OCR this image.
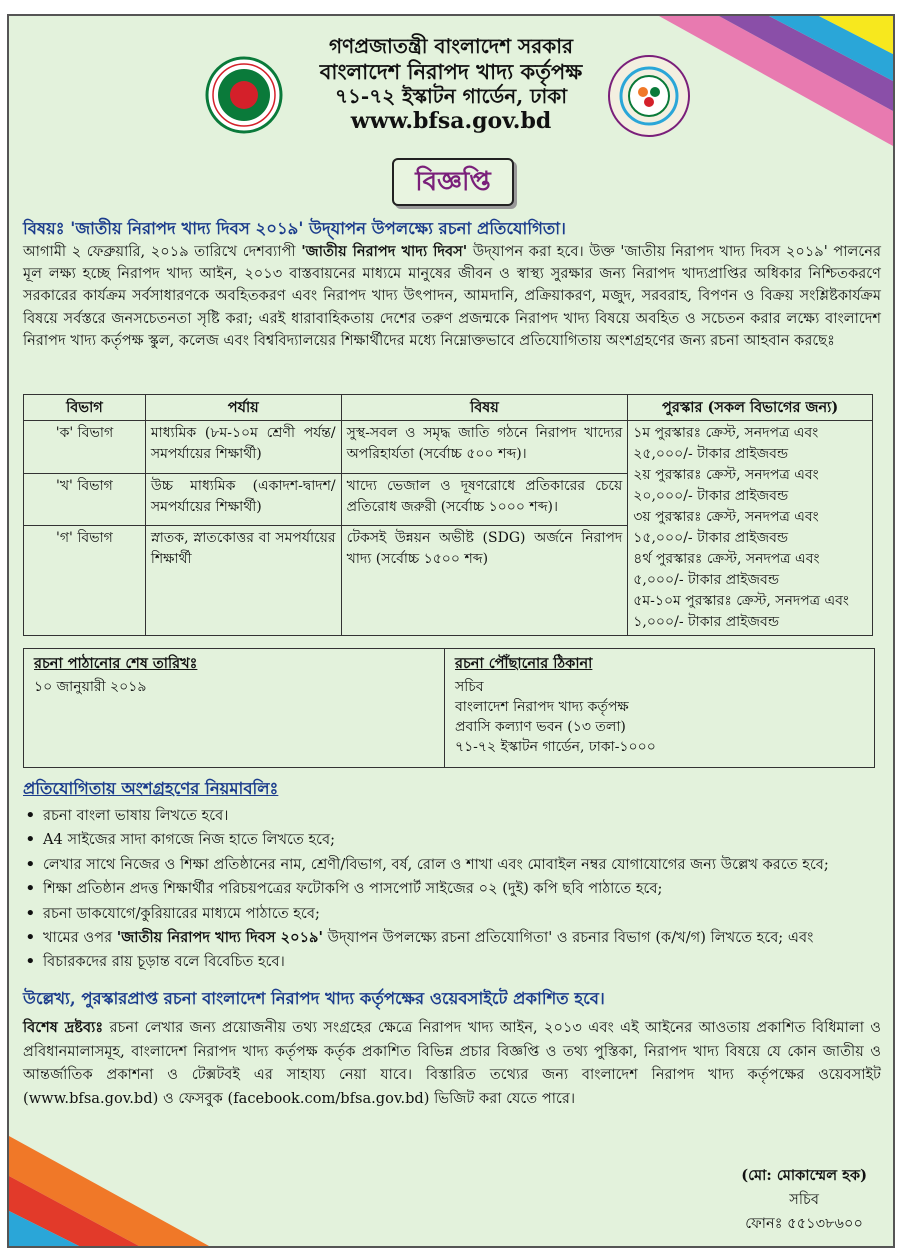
গণপ্রজাতন্ত্রী বাংলাদেশ সরকার
বাংলাদেশ নিরাপদ খাদ্য কর্তৃপক্ষ
৭১-৭২ ইস্কাটন গার্ডেন, ঢাকা
www.bfsa.gov.bd
বিজ্ঞপ্তি
বিষয়ঃ 'জাতীয় নিরাপদ খাদ্য দিবস ২০১৯' উদ্‌যাপন উপলক্ষ্যে রচনা প্রতিযোগিতা।
আগামী ২ ফেব্রুয়ারি, ২০১৯ তারিখে দেশব্যাপী 'জাতীয় নিরাপদ খাদ্য দিবস' উদ্‌যাপন করা হবে। উক্ত 'জাতীয় নিরাপদ খাদ্য দিবস ২০১৯' পালনের মূল লক্ষ্য হচ্ছে নিরাপদ খাদ্য আইন, ২০১৩ বাস্তবায়নের মাধ্যমে মানুষের জীবন ও স্বাস্থ্য সুরক্ষার জন্য নিরাপদ খাদ্যপ্রাপ্তির অধিকার নিশ্চিতকরণে সরকারের কার্যক্রম সর্বসাধারণকে অবহিতকরণ এবং নিরাপদ খাদ্য উৎপাদন, আমদানি, প্রক্রিয়াকরণ, মজুদ, সরবরাহ, বিপণন ও বিক্রয় সংশ্লিষ্টকার্যক্রম বিষয়ে সর্বস্তরে জনসচেতনতা সৃষ্টি করা; এরই ধারাবাহিকতায় দেশের তরুণ প্রজন্মকে নিরাপদ খাদ্য বিষয়ে অবহিত ও সচেতন করার লক্ষ্যে বাংলাদেশ নিরাপদ খাদ্য কর্তৃপক্ষ স্কুল, কলেজ এবং বিশ্ববিদ্যালয়ের শিক্ষার্থীদের মধ্যে নিম্নোক্তভাবে প্রতিযোগিতায় অংশগ্রহণের জন্য রচনা আহবান করছেঃ
বিভাগ	পর্যায়	বিষয়	পুরস্কার (সকল বিভাগের জন্য)
'ক' বিভাগ	মাধ্যমিক (৮ম-১০ম শ্রেণী পর্যন্ত/সমপর্যায়ের শিক্ষার্থী)	সুস্থ-সবল ও সমৃদ্ধ জাতি গঠনে নিরাপদ খাদ্যের অপরিহার্যতা (সর্বোচ্চ ৫০০ শব্দ)।	১ম পুরস্কারঃ ক্রেস্ট, সনদপত্র এবং ২৫,০০০/- টাকার প্রাইজবন্ড
২য় পুরস্কারঃ ক্রেস্ট, সনদপত্র এবং ২০,০০০/- টাকার প্রাইজবন্ড
৩য় পুরস্কারঃ ক্রেস্ট, সনদপত্র এবং ১৫,০০০/- টাকার প্রাইজবন্ড
৪র্থ পুরস্কারঃ ক্রেস্ট, সনদপত্র এবং ৫,০০০/- টাকার প্রাইজবন্ড
৫ম-১০ম পুরস্কারঃ ক্রেস্ট, সনদপত্র এবং ১,০০০/- টাকার প্রাইজবন্ড

'খ' বিভাগ	উচ্চ মাধ্যমিক (একাদশ-দ্বাদশ/সমপর্যায়ের শিক্ষার্থী)	খাদ্যে ভেজাল ও দূষণরোধে প্রতিকারের চেয়ে প্রতিরোধ জরুরী (সর্বোচ্চ ১০০০ শব্দ)।	
'গ' বিভাগ	স্নাতক, স্নাতকোত্তর বা সমপর্যায়ের শিক্ষার্থী	টেকসই উন্নয়ন অভীষ্ট (SDG) অর্জনে নিরাপদ খাদ্য (সর্বোচ্চ ১৫০০ শব্দ)	
রচনা পাঠানোর শেষ তারিখঃ
১০ জানুয়ারী ২০১৯
রচনা পৌঁছানোর ঠিকানা
সচিব
বাংলাদেশ নিরাপদ খাদ্য কর্তৃপক্ষ
প্রবাসি কল্যাণ ভবন (১৩ তলা)
৭১-৭২ ইস্কাটন গার্ডেন, ঢাকা-১০০০
প্রতিযোগিতায় অংশগ্রহণের নিয়মাবলিঃ
• রচনা বাংলা ভাষায় লিখতে হবে।
• A4 সাইজের সাদা কাগজে নিজ হাতে লিখতে হবে;
• লেখার সাথে নিজের ও শিক্ষা প্রতিষ্ঠানের নাম, শ্রেণী/বিভাগ, বর্ষ, রোল ও শাখা এবং মোবাইল নম্বর যোগাযোগের জন্য উল্লেখ করতে হবে;
• শিক্ষা প্রতিষ্ঠান প্রদত্ত শিক্ষার্থীর পরিচয়পত্রের ফটোকপি ও পাসপোর্ট সাইজের ০২ (দুই) কপি ছবি পাঠাতে হবে;
• রচনা ডাকযোগে/কুরিয়ারের মাধ্যমে পাঠাতে হবে;
• খামের ওপর 'জাতীয় নিরাপদ খাদ্য দিবস ২০১৯' উদ্‌যাপন উপলক্ষ্যে রচনা প্রতিযোগিতা' ও রচনার বিভাগ (ক/খ/গ) লিখতে হবে; এবং
• বিচারকদের রায় চূড়ান্ত বলে বিবেচিত হবে।
উল্লেখ্য, পুরস্কারপ্রাপ্ত রচনা বাংলাদেশ নিরাপদ খাদ্য কর্তৃপক্ষের ওয়েবসাইটে প্রকাশিত হবে।
বিশেষ দ্রষ্টব্যঃ রচনা লেখার জন্য প্রয়োজনীয় তথ্য সংগ্রহের ক্ষেত্রে নিরাপদ খাদ্য আইন, ২০১৩ এবং এই আইনের আওতায় প্রকাশিত বিধিমালা ও প্রবিধানমালাসমূহ, বাংলাদেশ নিরাপদ খাদ্য কর্তৃপক্ষ কর্তৃক প্রকাশিত বিভিন্ন প্রচার বিজ্ঞপ্তি ও তথ্য পুস্তিকা, নিরাপদ খাদ্য বিষয়ে যে কোন জাতীয় ও আন্তর্জাতিক প্রকাশনা ও টেক্সটবই এর সাহায্য নেয়া যাবে। বিস্তারিত তথ্যের জন্য বাংলাদেশ নিরাপদ খাদ্য কর্তৃপক্ষের ওয়েবসাইট (www.bfsa.gov.bd) ও ফেসবুক (facebook.com/bfsa.gov.bd) ভিজিট করা যেতে পারে।
(মো: মোকাম্মেল হক)
সচিব
ফোনঃ ৫৫১৩৮৬০০
